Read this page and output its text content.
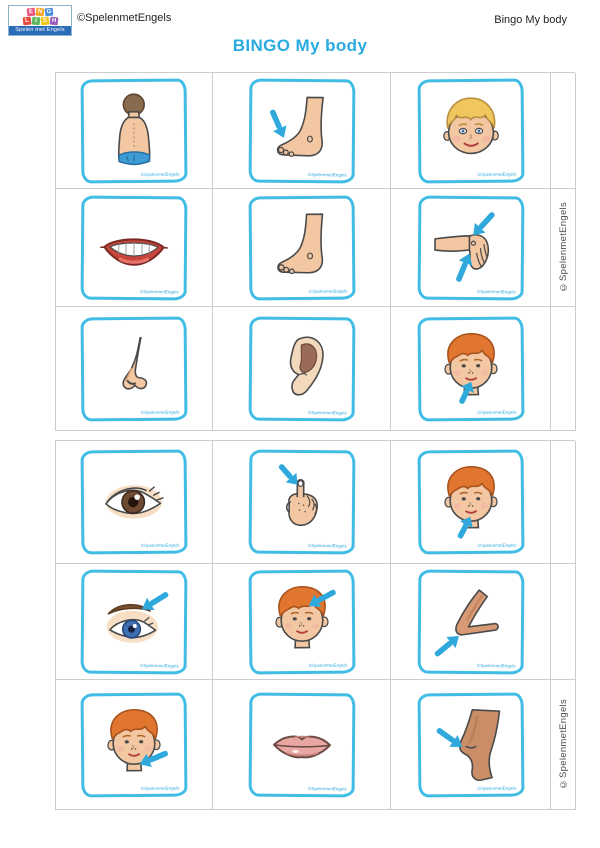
E N G
L I S H
Spelen met Engels
©SpelenmetEngels	Bingo My body
BINGO My body
©SpelenmetEngels	©SpelenmetEngels	©SpelenmetEngels
©SpelenmetEngels	©SpelenmetEngels	©SpelenmetEngels	©SpelenmetEngels
©SpelenmetEngels	©SpelenmetEngels	©SpelenmetEngels
©SpelenmetEngels	©SpelenmetEngels	©SpelenmetEngels
©SpelenmetEngels	©SpelenmetEngels	©SpelenmetEngels
©SpelenmetEngels	©SpelenmetEngels	©SpelenmetEngels	©SpelenmetEngels
